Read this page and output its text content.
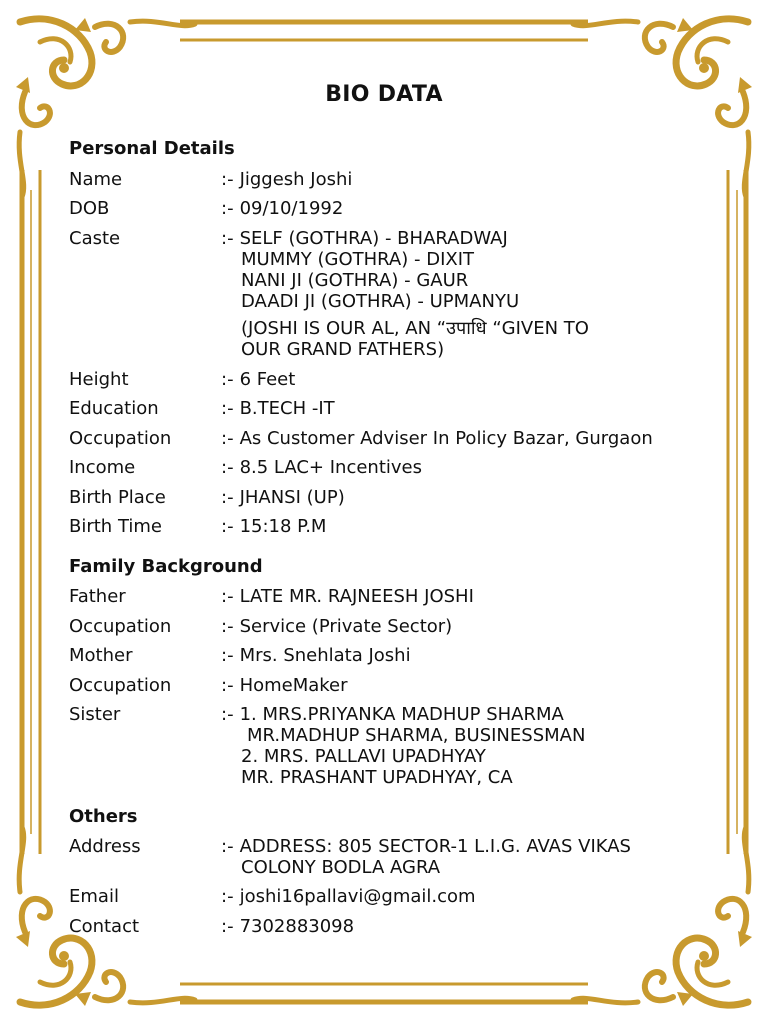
BIO DATA
Personal Details
Name	:- Jiggesh Joshi
DOB	:- 09/10/1992
Caste	:- SELF (GOTHRA) - BHARADWAJ
MUMMY (GOTHRA) - DIXIT
NANI JI (GOTHRA) - GAUR
DAADI JI (GOTHRA) - UPMANYU
(JOSHI IS OUR AL, AN “उपाधि “GIVEN TO
OUR GRAND FATHERS)
Height	:- 6 Feet
Education	:- B.TECH -IT
Occupation	:- As Customer Adviser In Policy Bazar, Gurgaon
Income	:- 8.5 LAC+ Incentives
Birth Place	:- JHANSI (UP)
Birth Time	:- 15:18 P.M
Family Background
Father	:- LATE MR. RAJNEESH JOSHI
Occupation	:- Service (Private Sector)
Mother	:- Mrs. Snehlata Joshi
Occupation	:- HomeMaker
Sister	:- 1. MRS.PRIYANKA MADHUP SHARMA
MR.MADHUP SHARMA, BUSINESSMAN
2. MRS. PALLAVI UPADHYAY
MR. PRASHANT UPADHYAY, CA
Others
Address	:- ADDRESS: 805 SECTOR-1 L.I.G. AVAS VIKAS
COLONY BODLA AGRA
Email	:- joshi16pallavi@gmail.com
Contact	:- 7302883098
